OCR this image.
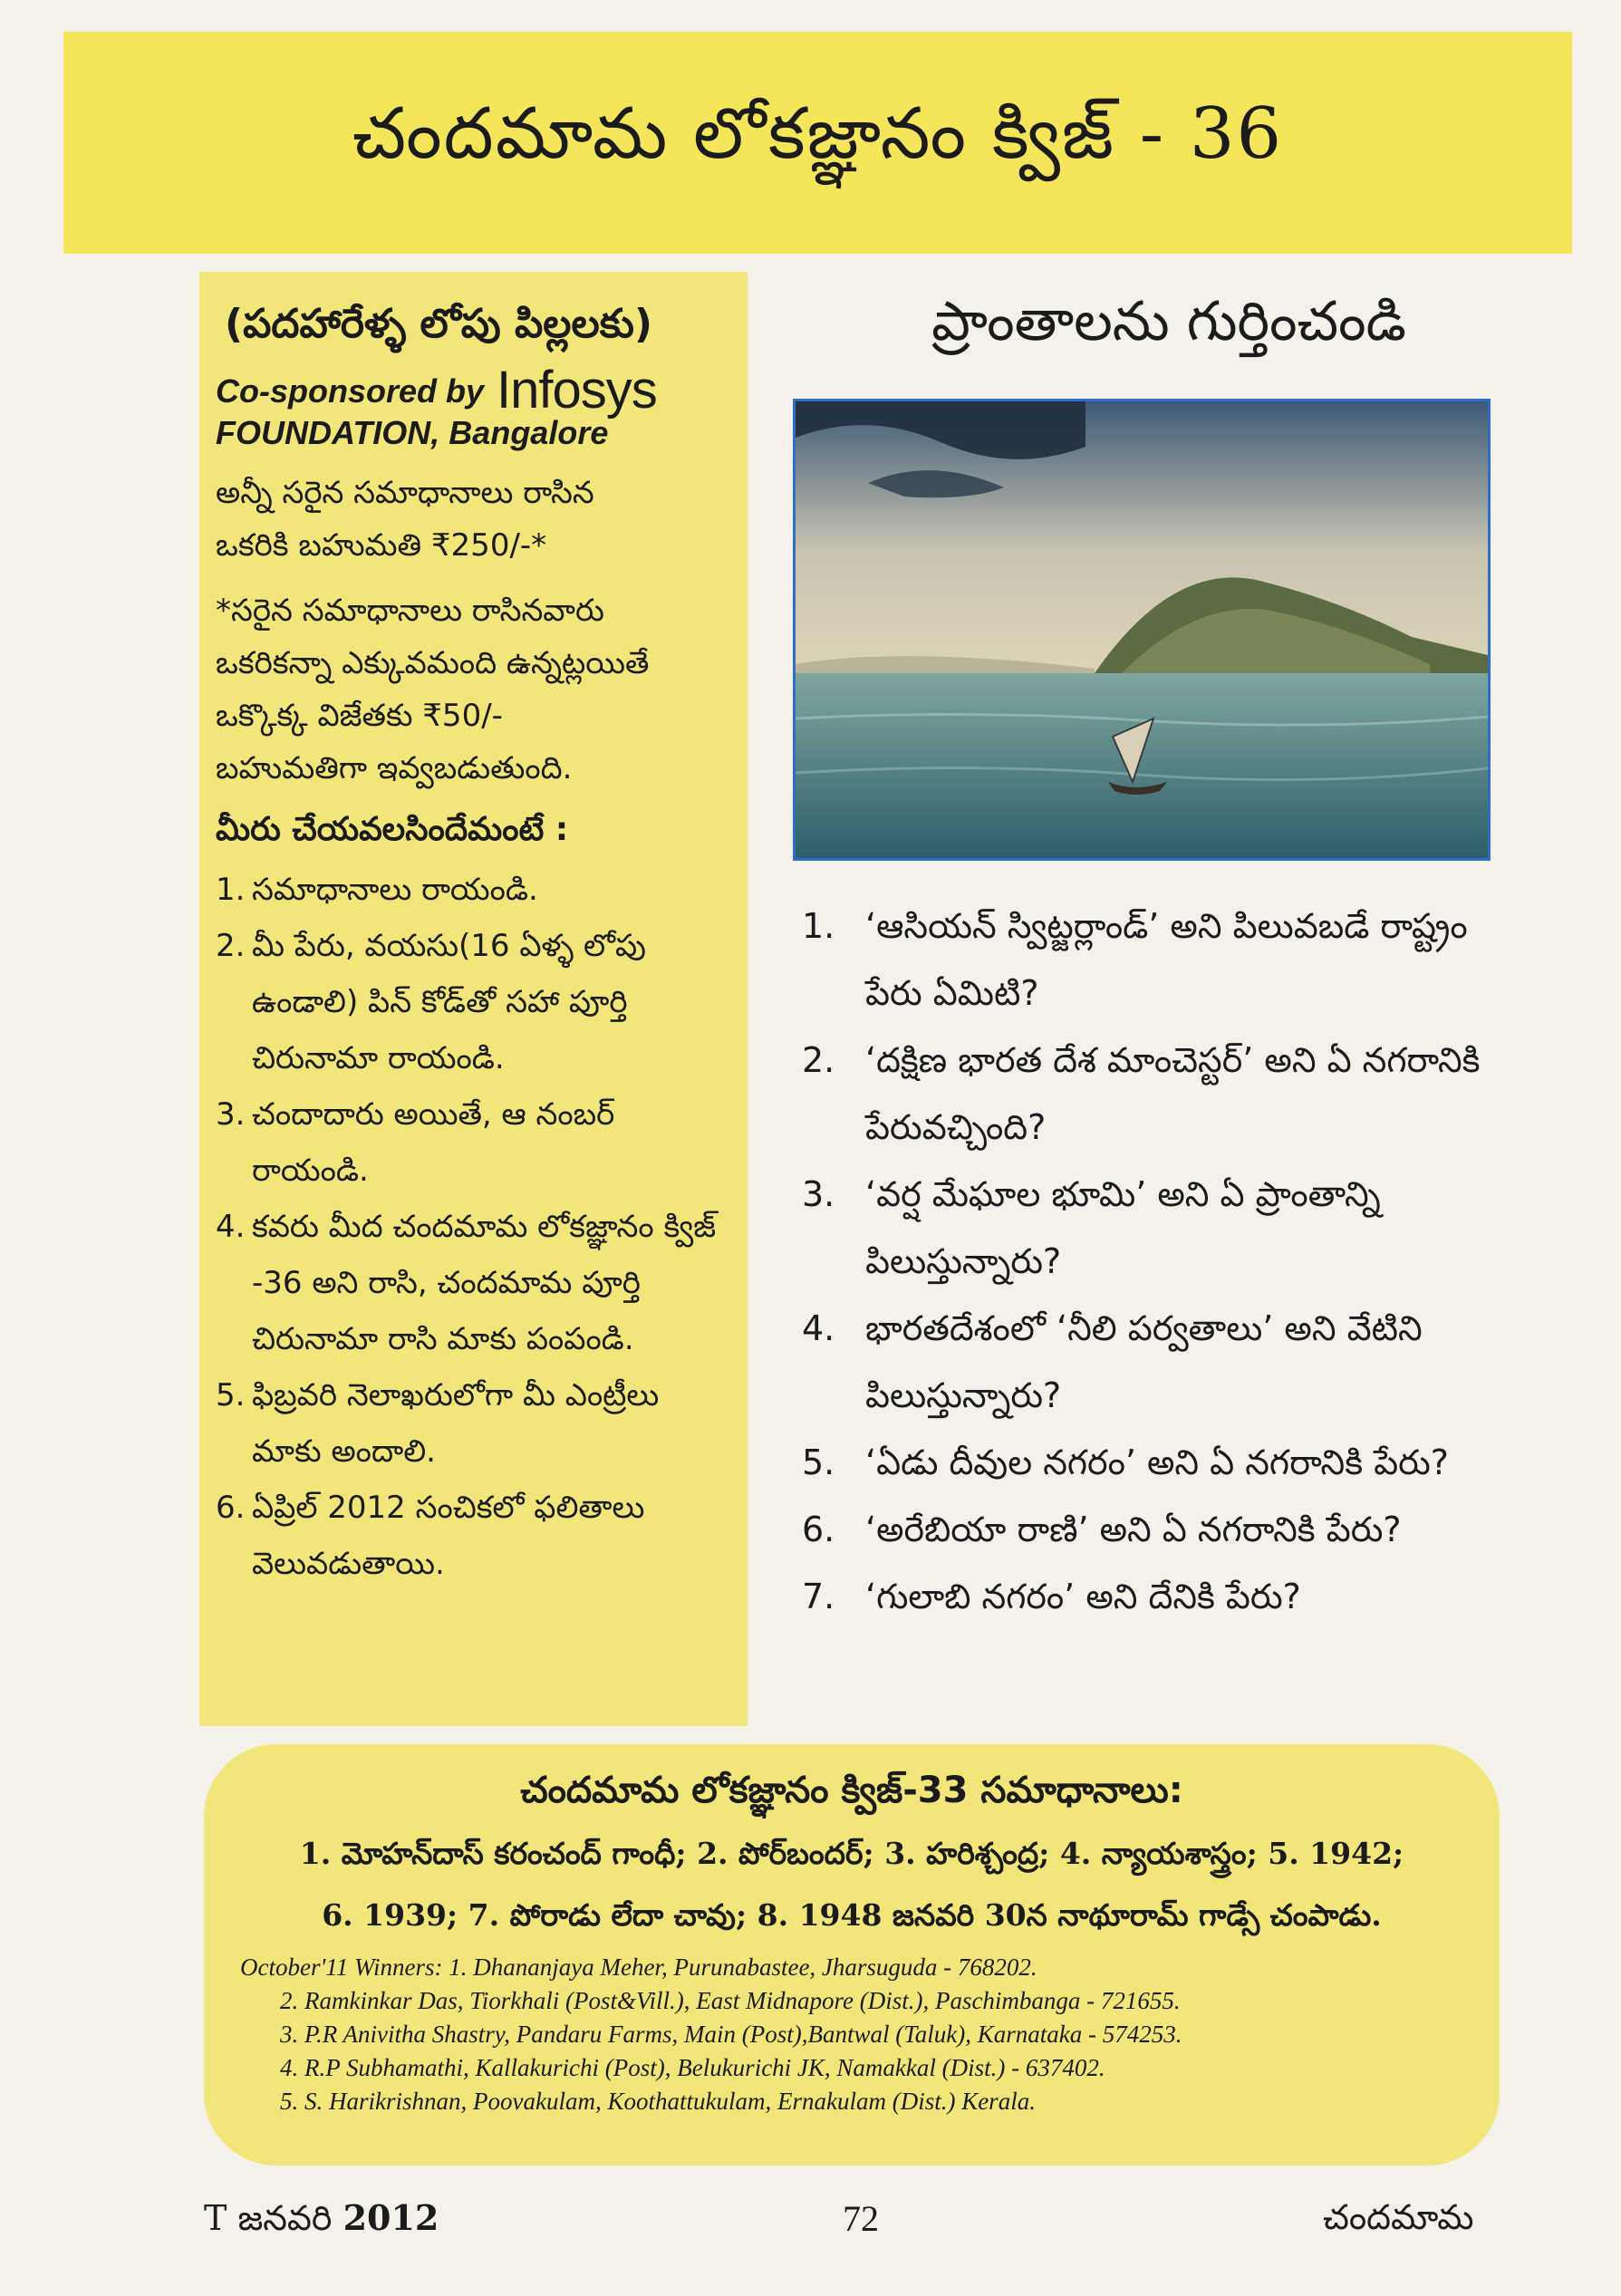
చందమామ లోకజ్ఞానం క్విజ్ - 36
(పదహారేళ్ళ లోపు పిల్లలకు)
Co-sponsored by Infosys
FOUNDATION, Bangalore
అన్నీ సరైన సమాధానాలు రాసిన
ఒకరికి బహుమతి ₹250/-*
*సరైన సమాధానాలు రాసినవారు
ఒకరికన్నా ఎక్కువమంది ఉన్నట్లయితే
ఒక్కొక్క విజేతకు ₹50/-
బహుమతిగా ఇవ్వబడుతుంది.
మీరు చేయవలసిందేమంటే :
1. సమాధానాలు రాయండి.
2. మీ పేరు, వయసు(16 ఏళ్ళ లోపు ఉండాలి) పిన్ కోడ్‌తో సహా పూర్తి చిరునామా రాయండి.
3. చందాదారు అయితే, ఆ నంబర్ రాయండి.
4. కవరు మీద చందమామ లోకజ్ఞానం క్విజ్ -36 అని రాసి, చందమామ పూర్తి చిరునామా రాసి మాకు పంపండి.
5. ఫిబ్రవరి నెలాఖరులోగా మీ ఎంట్రీలు మాకు అందాలి.
6. ఏప్రిల్ 2012 సంచికలో ఫలితాలు వెలువడుతాయి.
ప్రాంతాలను గుర్తించండి
1. ‘ఆసియన్ స్విట్జర్లాండ్’ అని పిలువబడే రాష్ట్రం పేరు ఏమిటి?
2. ‘దక్షిణ భారత దేశ మాంచెస్టర్’ అని ఏ నగరానికి పేరువచ్చింది?
3. ‘వర్ష మేఘాల భూమి’ అని ఏ ప్రాంతాన్ని పిలుస్తున్నారు?
4. భారతదేశంలో ‘నీలి పర్వతాలు’ అని వేటిని పిలుస్తున్నారు?
5. ‘ఏడు దీవుల నగరం’ అని ఏ నగరానికి పేరు?
6. ‘అరేబియా రాణి’ అని ఏ నగరానికి పేరు?
7. ‘గులాబి నగరం’ అని దేనికి పేరు?
చందమామ లోకజ్ఞానం క్విజ్-33 సమాధానాలు:
1. మోహన్‌దాస్ కరంచంద్ గాంధీ; 2. పోర్‌బందర్; 3. హరిశ్చంద్ర; 4. న్యాయశాస్త్రం; 5. 1942;
6. 1939; 7. పోరాడు లేదా చావు; 8. 1948 జనవరి 30న నాథూరామ్ గాడ్సే చంపాడు.
October'11 Winners: 1. Dhananjaya Meher, Purunabastee, Jharsuguda - 768202.
2. Ramkinkar Das, Tiorkhali (Post&Vill.), East Midnapore (Dist.), Paschimbanga - 721655.
3. P.R Anivitha Shastry, Pandaru Farms, Main (Post),Bantwal (Taluk), Karnataka - 574253.
4. R.P Subhamathi, Kallakurichi (Post), Belukurichi JK, Namakkal (Dist.) - 637402.
5. S. Harikrishnan, Poovakulam, Koothattukulam, Ernakulam (Dist.) Kerala.
T జనవరి 2012	72	చందమామ
